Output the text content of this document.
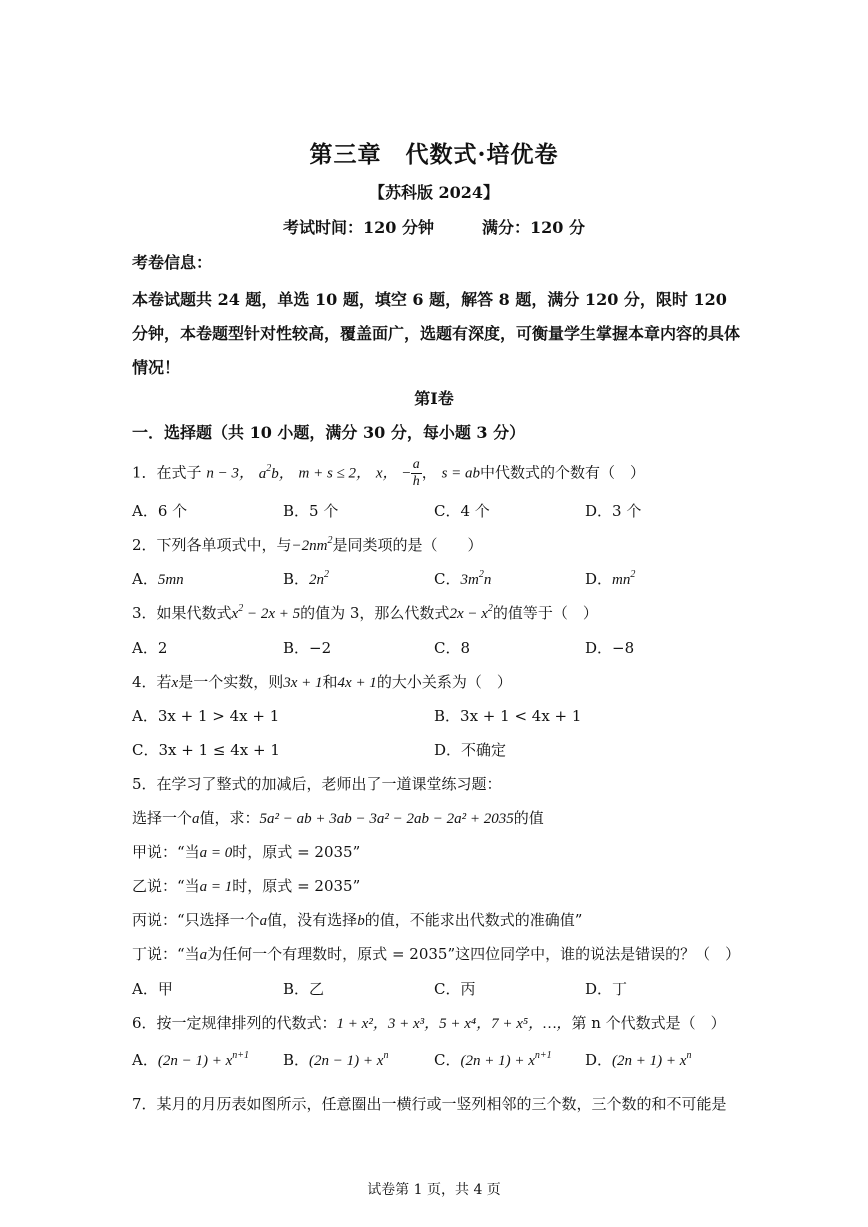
第三章　代数式·培优卷
【苏科版 2024】
考试时间：120 分钟	满分：120 分
考卷信息：
本卷试题共 24 题，单选 10 题，填空 6 题，解答 8 题，满分 120 分，限时 120 分钟，本卷题型针对性较高，覆盖面广，选题有深度，可衡量学生掌握本章内容的具体情况！
第Ⅰ卷
一．选择题（共 10 小题，满分 30 分，每小题 3 分）
1．在式子 n − 3， $a^2b$， m + s ≤ 2， x， − $\frac{a}{h}$ ， s = ab中代数式的个数有（　）
A．6 个	B．5 个	C．4 个	D．3 个
2．下列各单项式中，与$-2nm^2$是同类项的是（　　）
A．5mn	B．$2n^2$	C．$3m^2n$	D．$mn^2$
3．如果代数式$x^2 - 2x + 5$的值为 3，那么代数式$2x - x^2$的值等于（　）
A．2	B．−2	C．8	D．−8
4．若x是一个实数，则3x + 1和4x + 1的大小关系为（　）
A．3x + 1 > 4x + 1	B．3x + 1 < 4x + 1
C．3x + 1 ≤ 4x + 1	D．不确定
5．在学习了整式的加减后，老师出了一道课堂练习题：
选择一个a值，求：5a² − ab + 3ab − 3a² − 2ab − 2a² + 2035的值
甲说：“当a = 0时，原式 = 2035”
乙说：“当a = 1时，原式 = 2035”
丙说：“只选择一个a值，没有选择b的值，不能求出代数式的准确值”
丁说：“当a为任何一个有理数时，原式 = 2035”这四位同学中，谁的说法是错误的？（　）
A．甲	B．乙	C．丙	D．丁
6．按一定规律排列的代数式：1 + x²，3 + x³，5 + x⁴，7 + x⁵，…，第 n 个代数式是（　）
A．$(2n - 1) + x^{n+1}$ B．$(2n - 1) + x^n$	C．$(2n + 1) + x^{n+1}$ D．$(2n + 1) + x^n$
7．某月的月历表如图所示，任意圈出一横行或一竖列相邻的三个数，三个数的和不可能是
试卷第 1 页，共 4 页
